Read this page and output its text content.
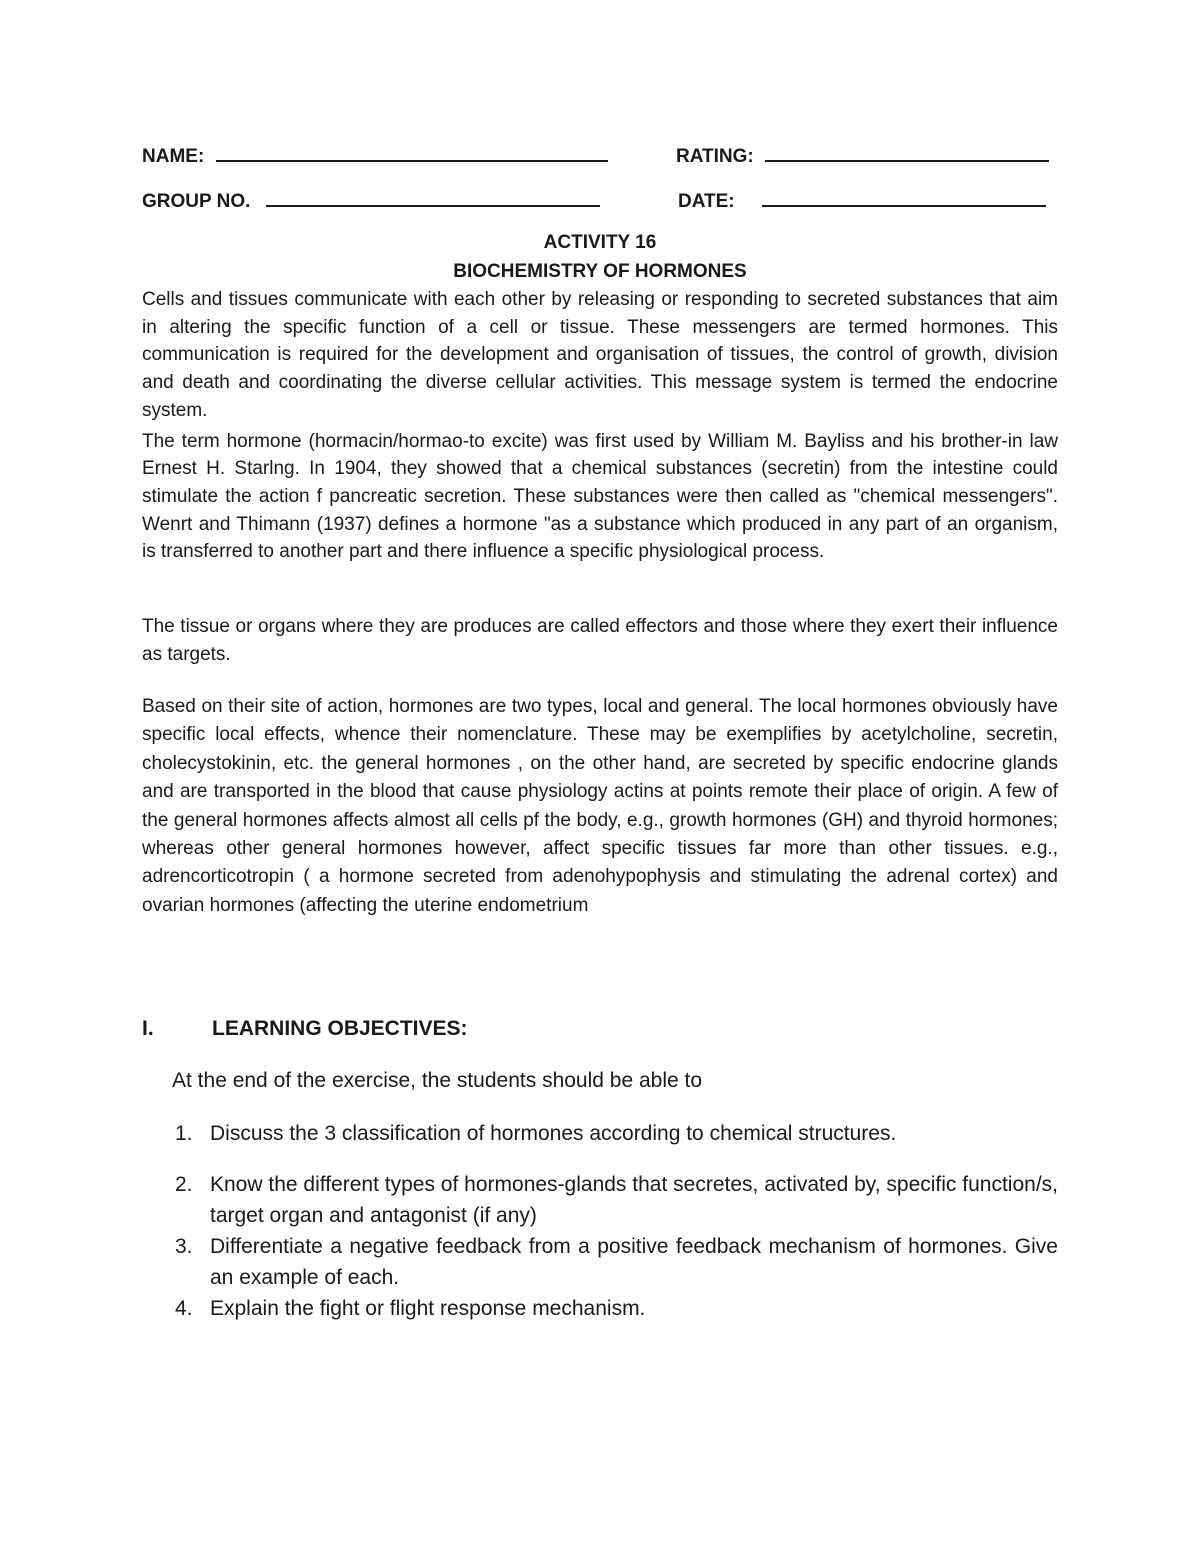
NAME:	RATING:
GROUP NO.	DATE:
ACTIVITY 16
BIOCHEMISTRY OF HORMONES

Cells and tissues communicate with each other by releasing or responding to secreted substances that aim in altering the specific function of a cell or tissue. These messengers are termed hormones. This communication is required for the development and organisation of tissues, the control of growth, division and death and coordinating the diverse cellular activities. This message system is termed the endocrine system.

The term hormone (hormacin/hormao-to excite) was first used by William M. Bayliss and his brother-in law Ernest H. Starlng. In 1904, they showed that a chemical substances (secretin) from the intestine could stimulate the action f pancreatic secretion. These substances were then called as "chemical messengers". Wenrt and Thimann (1937) defines a hormone "as a substance which produced in any part of an organism, is transferred to another part and there influence a specific physiological process.

The tissue or organs where they are produces are called effectors and those where they exert their influence as targets.

Based on their site of action, hormones are two types, local and general. The local hormones obviously have specific local effects, whence their nomenclature. These may be exemplifies by acetylcholine, secretin, cholecystokinin, etc. the general hormones , on the other hand, are secreted by specific endocrine glands and are transported in the blood that cause physiology actins at points remote their place of origin. A few of the general hormones affects almost all cells pf the body, e.g., growth hormones (GH) and thyroid hormones; whereas other general hormones however, affect specific tissues far more than other tissues. e.g., adrencorticotropin ( a hormone secreted from adenohypophysis and stimulating the adrenal cortex) and ovarian hormones (affecting the uterine endometrium

I.	LEARNING OBJECTIVES:
At the end of the exercise, the students should be able to
1. Discuss the 3 classification of hormones according to chemical structures.
2. Know the different types of hormones-glands that secretes, activated by, specific function/s, target organ and antagonist (if any)
3. Differentiate a negative feedback from a positive feedback mechanism of hormones. Give an example of each.
4. Explain the fight or flight response mechanism.
